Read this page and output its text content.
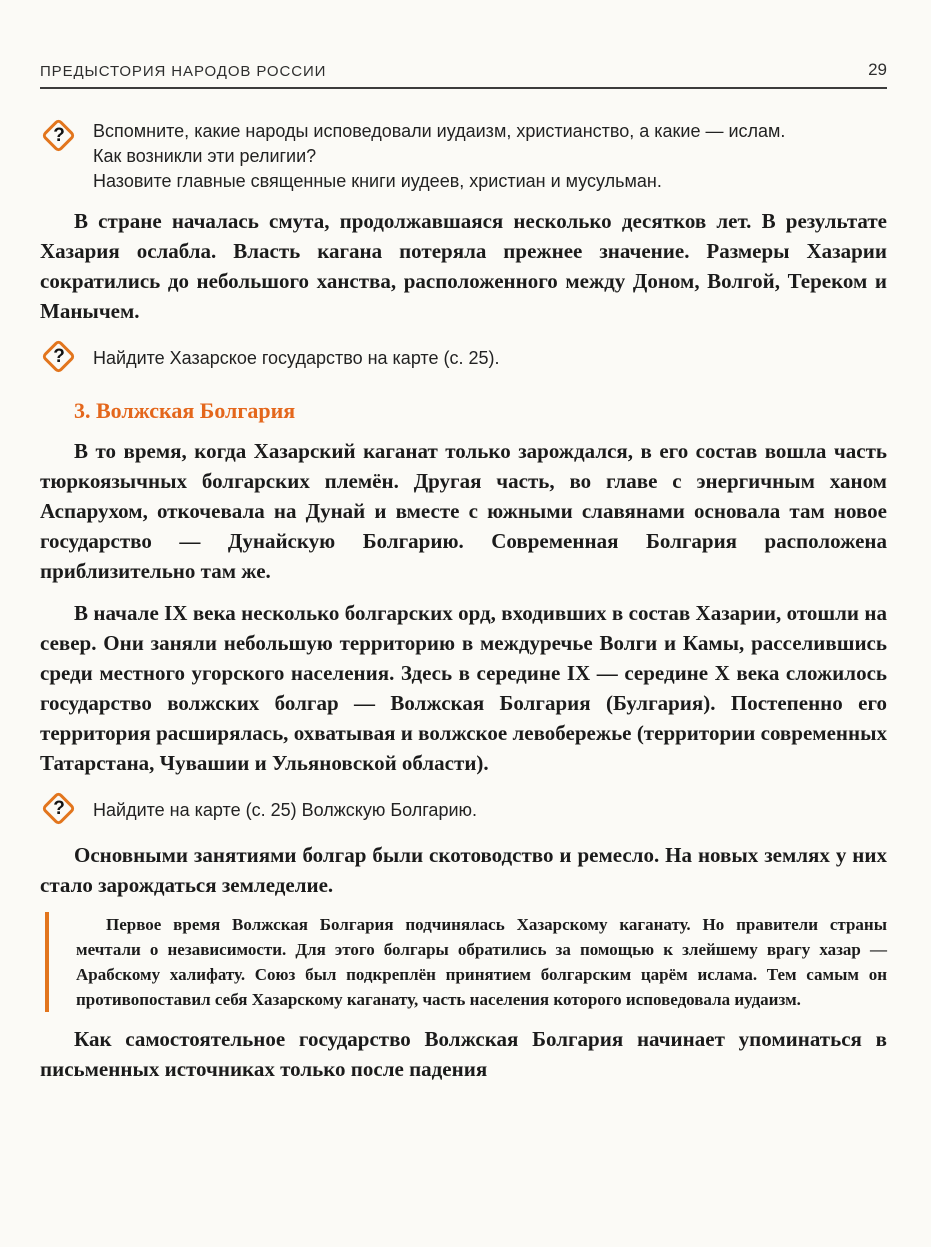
ПРЕДЫСТОРИЯ НАРОДОВ РОССИИ	29
?	Вспомните, какие народы исповедовали иудаизм, христианство, а какие — ислам.

Как возникли эти религии?

Назовите главные священные книги иудеев, христиан и мусульман.

В стране началась смута, продолжавшаяся несколько десятков лет. В результате Хазария ослабла. Власть кагана потеряла прежнее значение. Размеры Хазарии сократились до небольшого ханства, расположенного между Доном, Волгой, Тереком и Манычем.

?	Найдите Хазарское государство на карте (с. 25).
3. Волжская Болгария

В то время, когда Хазарский каганат только зарождался, в его состав вошла часть тюркоязычных болгарских племён. Другая часть, во главе с энергичным ханом Аспарухом, откочевала на Дунай и вместе с южными славянами основала там новое государство — Дунайскую Болгарию. Современная Болгария расположена приблизительно там же.

В начале IX века несколько болгарских орд, входивших в состав Хазарии, отошли на север. Они заняли небольшую территорию в междуречье Волги и Камы, расселившись среди местного угорского населения. Здесь в середине IX — середине X века сложилось государство волжских болгар — Волжская Болгария (Булгария). Постепенно его территория расширялась, охватывая и волжское левобережье (территории современных Татарстана, Чувашии и Ульяновской области).

?	Найдите на карте (с. 25) Волжскую Болгарию.

Основными занятиями болгар были скотоводство и ремесло. На новых землях у них стало зарождаться земледелие.

Первое время Волжская Болгария подчинялась Хазарскому каганату. Но правители страны мечтали о независимости. Для этого болгары обратились за помощью к злейшему врагу хазар — Арабскому халифату. Союз был подкреплён принятием болгарским царём ислама. Тем самым он противопоставил себя Хазарскому каганату, часть населения которого исповедовала иудаизм.

Как самостоятельное государство Волжская Болгария начинает упоминаться в письменных источниках только после падения
